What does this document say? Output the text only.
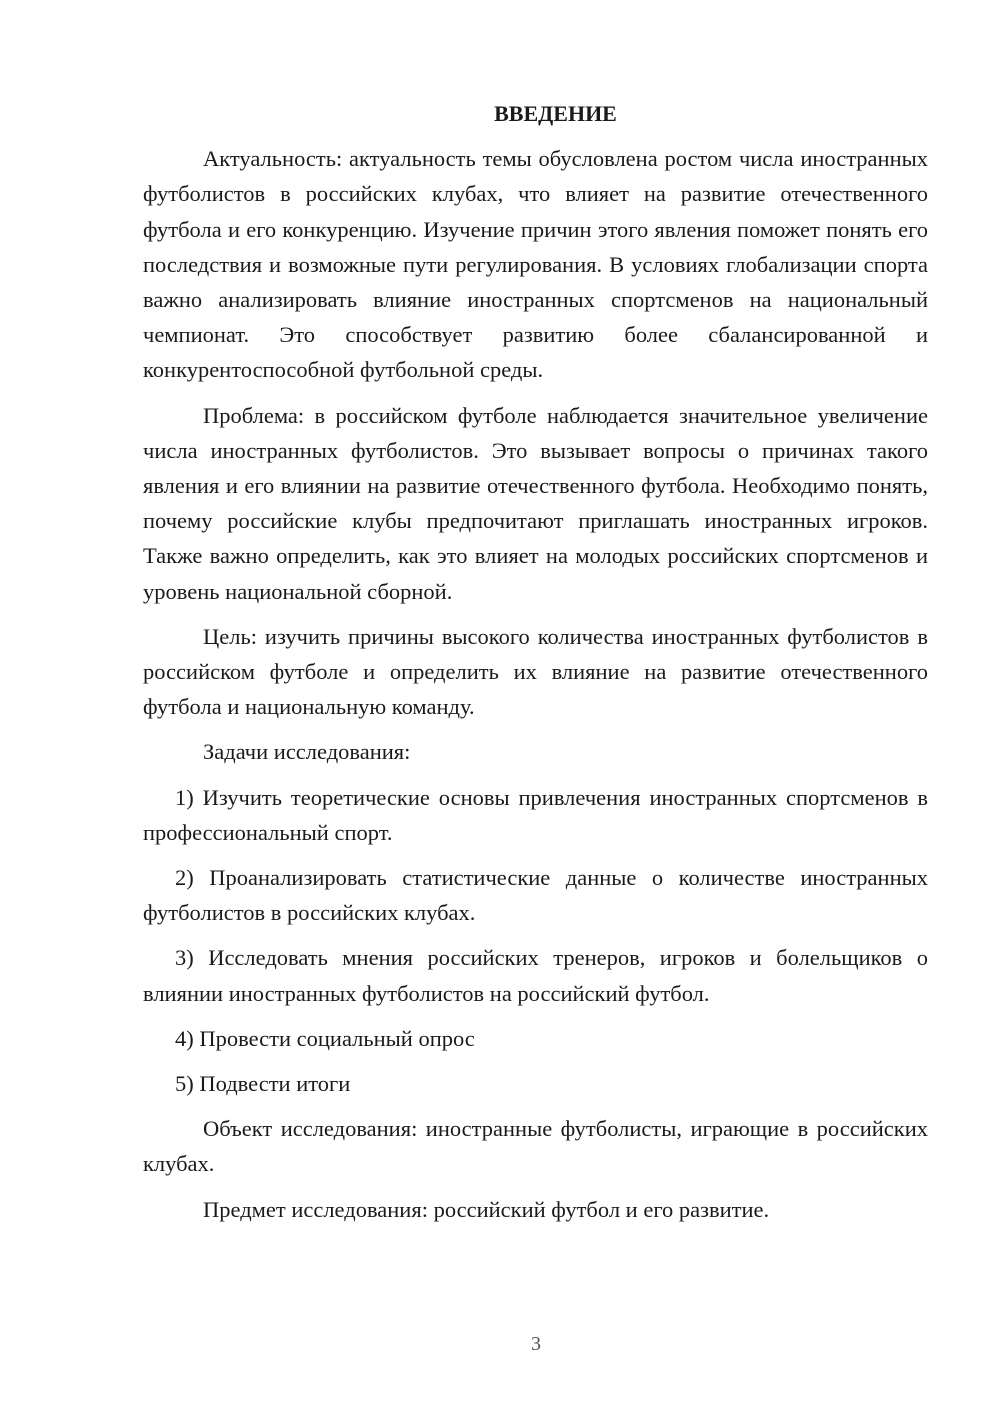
ВВЕДЕНИЕ

Актуальность: актуальность темы обусловлена ростом числа иностранных футболистов в российских клубах, что влияет на развитие отечественного футбола и его конкуренцию. Изучение причин этого явления поможет понять его последствия и возможные пути регулирования. В условиях глобализации спорта важно анализировать влияние иностранных спортсменов на национальный чемпионат. Это способствует развитию более сбалансированной и конкурентоспособной футбольной среды.

Проблема: в российском футболе наблюдается значительное увеличение числа иностранных футболистов. Это вызывает вопросы о причинах такого явления и его влиянии на развитие отечественного футбола. Необходимо понять, почему российские клубы предпочитают приглашать иностранных игроков. Также важно определить, как это влияет на молодых российских спортсменов и уровень национальной сборной.

Цель: изучить причины высокого количества иностранных футболистов в российском футболе и определить их влияние на развитие отечественного футбола и национальную команду.

Задачи исследования:

1) Изучить теоретические основы привлечения иностранных спортсменов в профессиональный спорт.

2) Проанализировать статистические данные о количестве иностранных футболистов в российских клубах.

3) Исследовать мнения российских тренеров, игроков и болельщиков о влиянии иностранных футболистов на российский футбол.

4) Провести социальный опрос

5) Подвести итоги

Объект исследования: иностранные футболисты, играющие в российских клубах.

Предмет исследования: российский футбол и его развитие.

3
